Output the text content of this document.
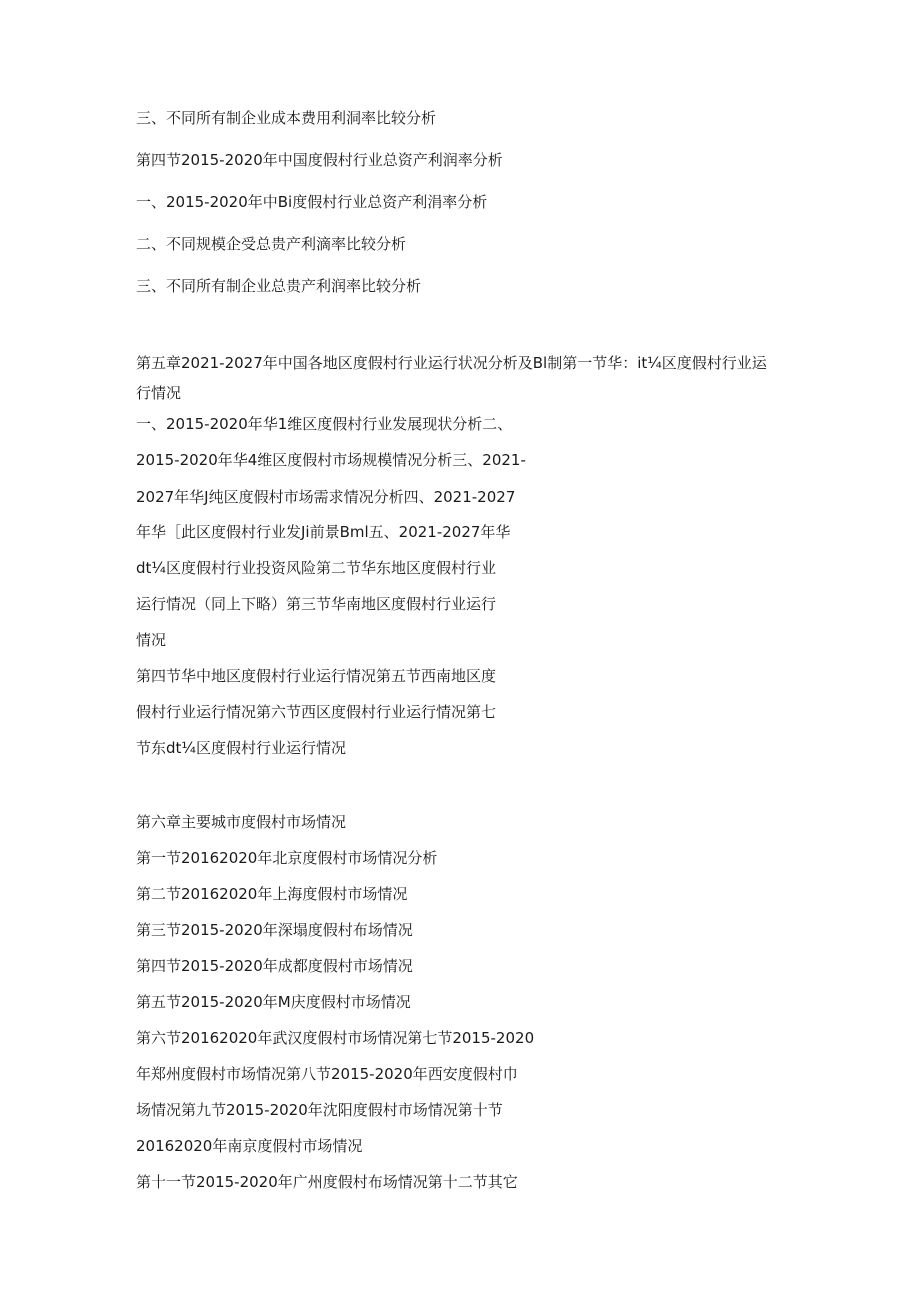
三、不同所有制企业成本费用利洞率比较分析
第四节2015-2020年中国度假村行业总资产利润率分析
一、2015-2020年中Bi度假村行业总资产利涓率分析
二、不同规模企受总贵产利滴率比较分析
三、不同所有制企业总贵产利润率比较分析
第五章2021-2027年中国各地区度假村行业运行状况分析及Bl制第一节华：it¼区度假村行业运行情况
一、2015-2020年华1维区度假村行业发展现状分析二、
2015-2020年华4维区度假村市场规模情况分析三、2021-
2027年华J纯区度假村市场需求情况分析四、2021-2027
年华［此区度假村行业发Ji前景Bml五、2021-2027年华
dt¼区度假村行业投资风险第二节华东地区度假村行业
运行情况（同上下略）第三节华南地区度假村行业运行
情况
第四节华中地区度假村行业运行情况第五节西南地区度
假村行业运行情况第六节西区度假村行业运行情况第七
节东dt¼区度假村行业运行情况
第六章主要城市度假村市场情况
第一节20162020年北京度假村市场情况分析
第二节20162020年上海度假村市场情况
第三节2015-2020年深塌度假村布场情况
第四节2015-2020年成都度假村市场情况
第五节2015-2020年M庆度假村市场情况
第六节20162020年武汉度假村市场情况第七节2015-2020
年郑州度假村市场情况第八节2015-2020年西安度假村巾
场情况第九节2015-2020年沈阳度假村市场情况第十节
20162020年南京度假村市场情况
第十一节2015-2020年广州度假村布场情况第十二节其它
